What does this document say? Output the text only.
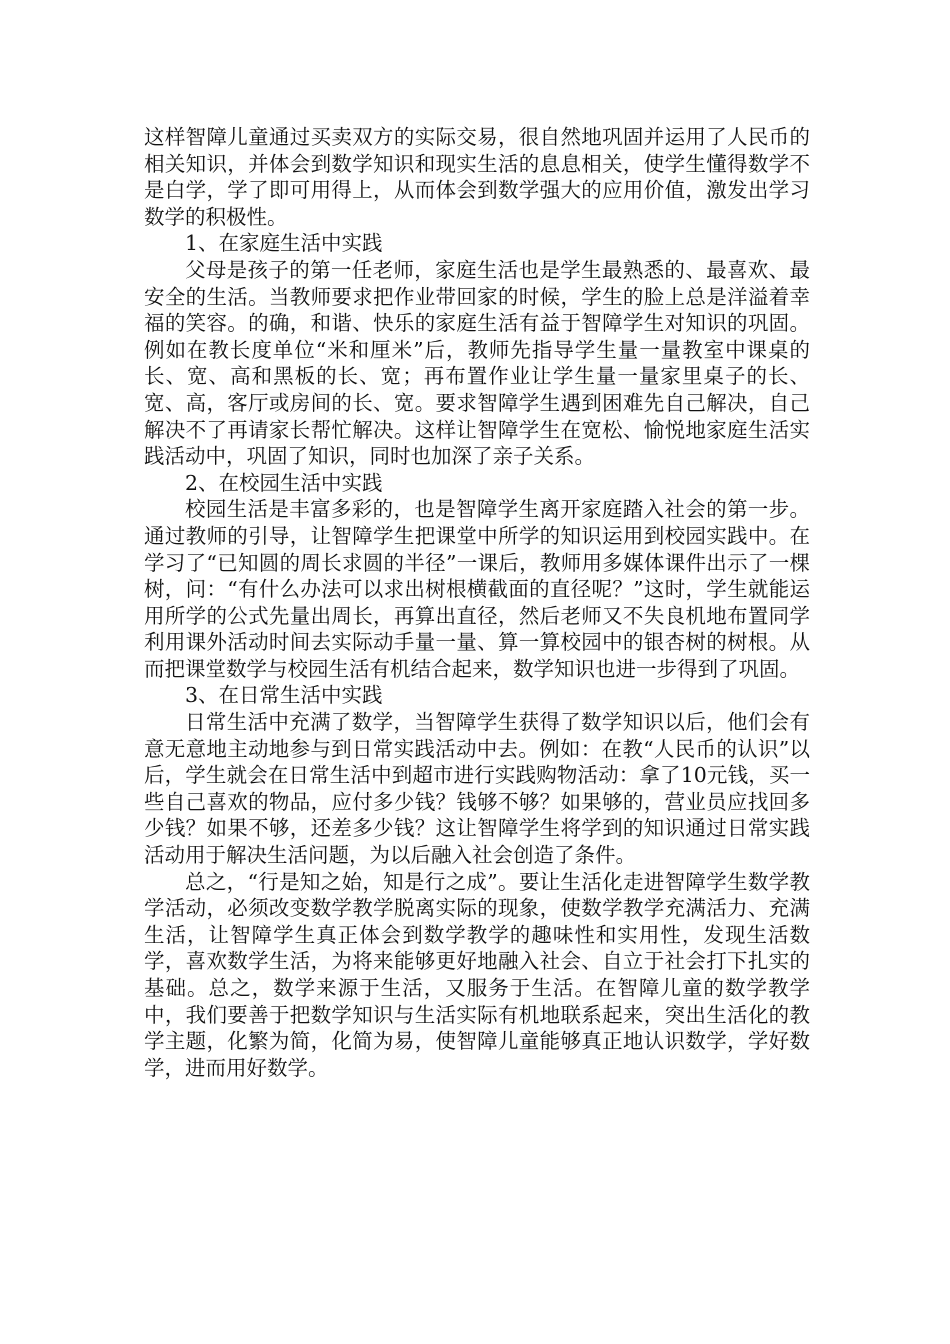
这样智障儿童通过买卖双方的实际交易，很自然地巩固并运用了人民币的相关知识，并体会到数学知识和现实生活的息息相关，使学生懂得数学不是白学，学了即可用得上，从而体会到数学强大的应用价值，激发出学习数学的积极性。

1、在家庭生活中实践

父母是孩子的第一任老师，家庭生活也是学生最熟悉的、最喜欢、最安全的生活。当教师要求把作业带回家的时候，学生的脸上总是洋溢着幸福的笑容。的确，和谐、快乐的家庭生活有益于智障学生对知识的巩固。例如在教长度单位“米和厘米”后，教师先指导学生量一量教室中课桌的长、宽、高和黑板的长、宽；再布置作业让学生量一量家里桌子的长、宽、高，客厅或房间的长、宽。要求智障学生遇到困难先自己解决，自己解决不了再请家长帮忙解决。这样让智障学生在宽松、愉悦地家庭生活实践活动中，巩固了知识，同时也加深了亲子关系。

2、在校园生活中实践

校园生活是丰富多彩的，也是智障学生离开家庭踏入社会的第一步。通过教师的引导，让智障学生把课堂中所学的知识运用到校园实践中。在学习了“已知圆的周长求圆的半径”一课后，教师用多媒体课件出示了一棵树，问：“有什么办法可以求出树根横截面的直径呢？”这时，学生就能运用所学的公式先量出周长，再算出直径，然后老师又不失良机地布置同学利用课外活动时间去实际动手量一量、算一算校园中的银杏树的树根。从而把课堂数学与校园生活有机结合起来，数学知识也进一步得到了巩固。

3、在日常生活中实践

日常生活中充满了数学，当智障学生获得了数学知识以后，他们会有意无意地主动地参与到日常实践活动中去。例如：在教“人民币的认识”以后，学生就会在日常生活中到超市进行实践购物活动：拿了10元钱，买一些自己喜欢的物品，应付多少钱？钱够不够？如果够的，营业员应找回多少钱？如果不够，还差多少钱？这让智障学生将学到的知识通过日常实践活动用于解决生活问题，为以后融入社会创造了条件。

总之，“行是知之始，知是行之成”。要让生活化走进智障学生数学教学活动，必须改变数学教学脱离实际的现象，使数学教学充满活力、充满生活，让智障学生真正体会到数学教学的趣味性和实用性，发现生活数学，喜欢数学生活，为将来能够更好地融入社会、自立于社会打下扎实的基础。总之，数学来源于生活，又服务于生活。在智障儿童的数学教学中，我们要善于把数学知识与生活实际有机地联系起来，突出生活化的教学主题，化繁为简，化简为易，使智障儿童能够真正地认识数学，学好数学，进而用好数学。
